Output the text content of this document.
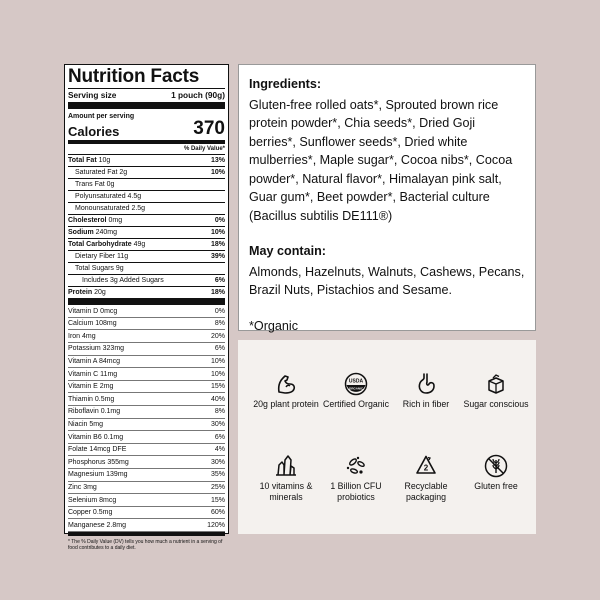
Nutrition Facts
Serving size	1 pouch (90g)
Amount per serving
Calories	370
% Daily Value*
Total Fat 10g	13%
Saturated Fat 2g	10%
Trans Fat 0g
Polyunsaturated 4.5g
Monounsaturated 2.5g
Cholesterol 0mg	0%
Sodium 240mg	10%
Total Carbohydrate 49g	18%
Dietary Fiber 11g	39%
Total Sugars 9g
Includes 3g Added Sugars	6%
Protein 20g	18%
Vitamin D 0mcg	0%
Calcium 108mg	8%
Iron 4mg	20%
Potassium 323mg	6%
Vitamin A 84mcg	10%
Vitamin C 11mg	10%
Vitamin E 2mg	15%
Thiamin 0.5mg	40%
Riboflavin 0.1mg	8%
Niacin 5mg	30%
Vitamin B6 0.1mg	6%
Folate 14mcg DFE	4%
Phosphorus 355mg	30%
Magnesium 139mg	35%
Zinc 3mg	25%
Selenium 8mcg	15%
Copper 0.5mg	60%
Manganese 2.8mg	120%
* The % Daily Value (DV) tells you how much a nutrient in a serving of food contributes to a daily diet.
Ingredients:

Gluten-free rolled oats*, Sprouted brown rice protein powder*, Chia seeds*, Dried Goji berries*, Sunflower seeds*, Dried white mulberries*, Maple sugar*, Cocoa nibs*, Cocoa powder*, Natural flavor*, Himalayan pink salt, Guar gum*, Beet powder*, Bacterial culture (Bacillus subtilis DE111®)

May contain:

Almonds, Hazelnuts, Walnuts, Cashews, Pecans, Brazil Nuts, Pistachios and Sesame.

*Organic

20g plant protein
USDA
ORGANIC
Certified Organic	Rich in fiber	Sugar conscious
10 vitamins & minerals
1 Billion CFU probiotics
2
Recyclable packaging
Gluten free
